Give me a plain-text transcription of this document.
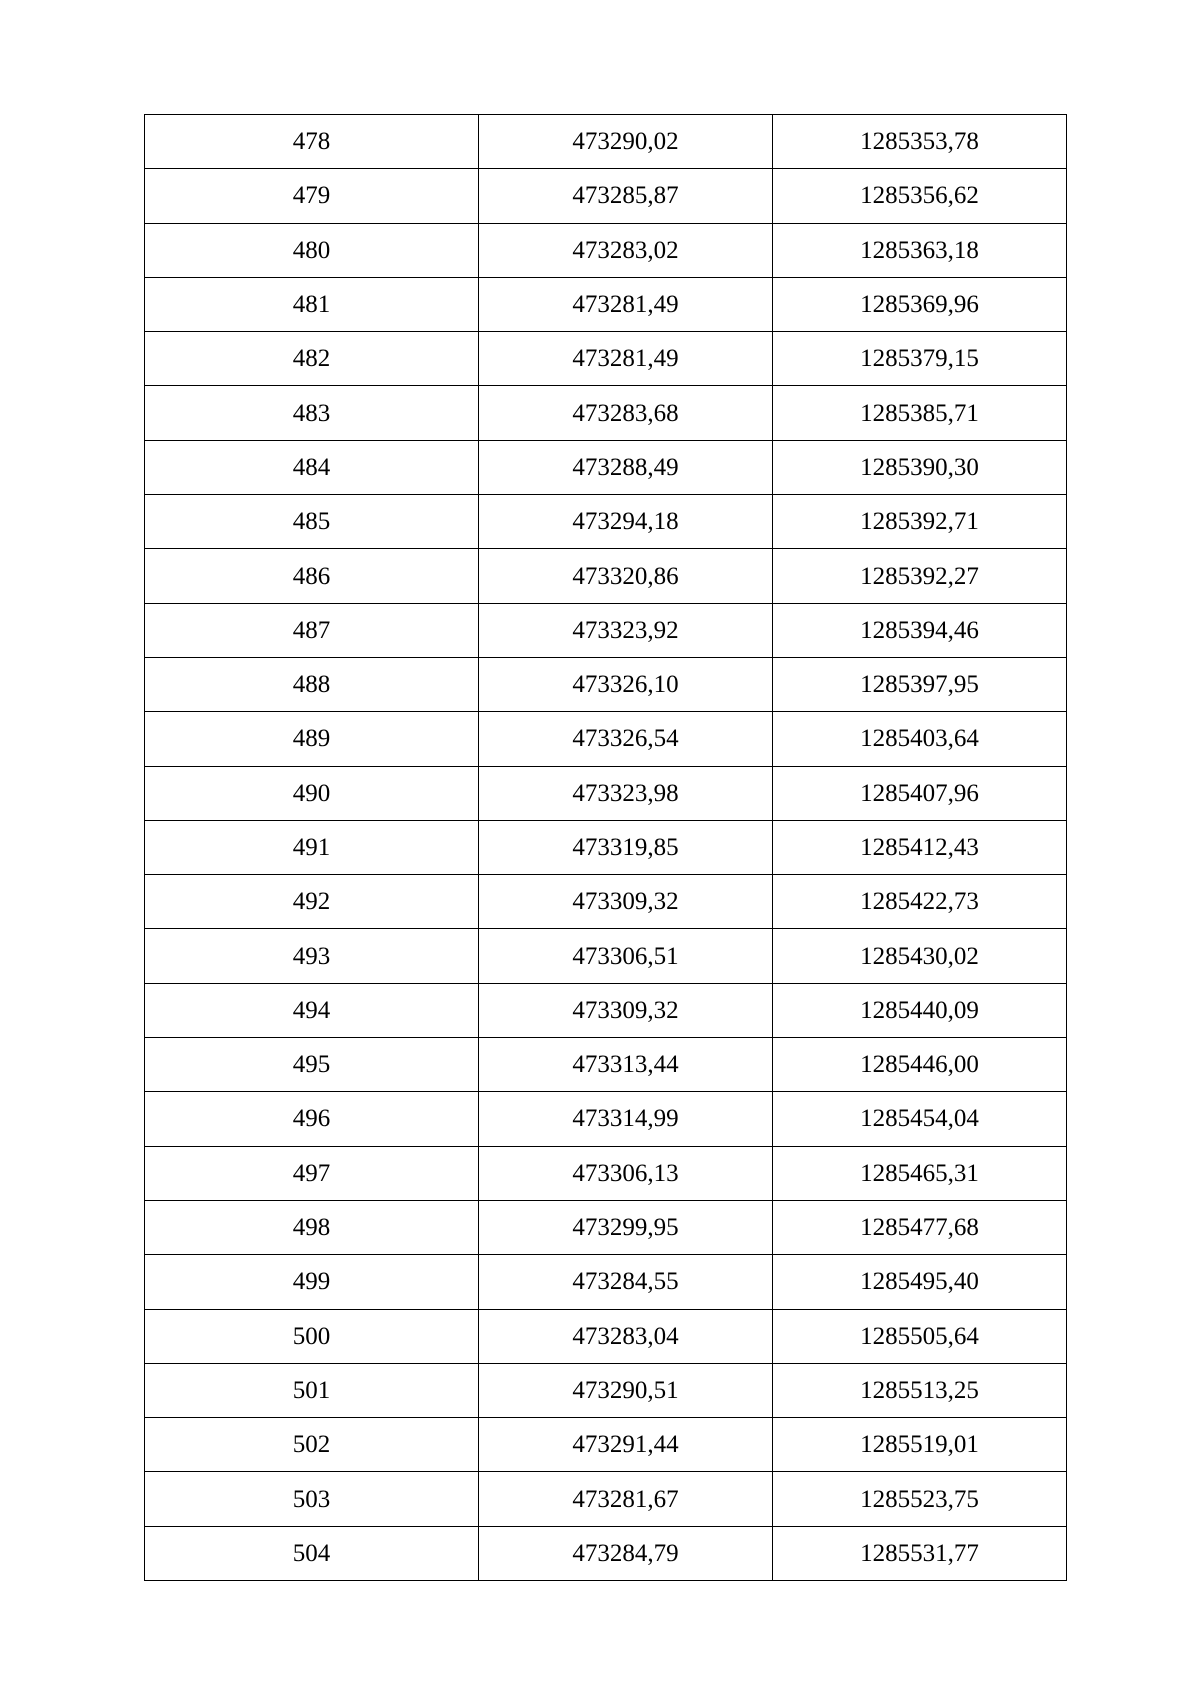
478	473290,02	1285353,78
479	473285,87	1285356,62
480	473283,02	1285363,18
481	473281,49	1285369,96
482	473281,49	1285379,15
483	473283,68	1285385,71
484	473288,49	1285390,30
485	473294,18	1285392,71
486	473320,86	1285392,27
487	473323,92	1285394,46
488	473326,10	1285397,95
489	473326,54	1285403,64
490	473323,98	1285407,96
491	473319,85	1285412,43
492	473309,32	1285422,73
493	473306,51	1285430,02
494	473309,32	1285440,09
495	473313,44	1285446,00
496	473314,99	1285454,04
497	473306,13	1285465,31
498	473299,95	1285477,68
499	473284,55	1285495,40
500	473283,04	1285505,64
501	473290,51	1285513,25
502	473291,44	1285519,01
503	473281,67	1285523,75
504	473284,79	1285531,77
